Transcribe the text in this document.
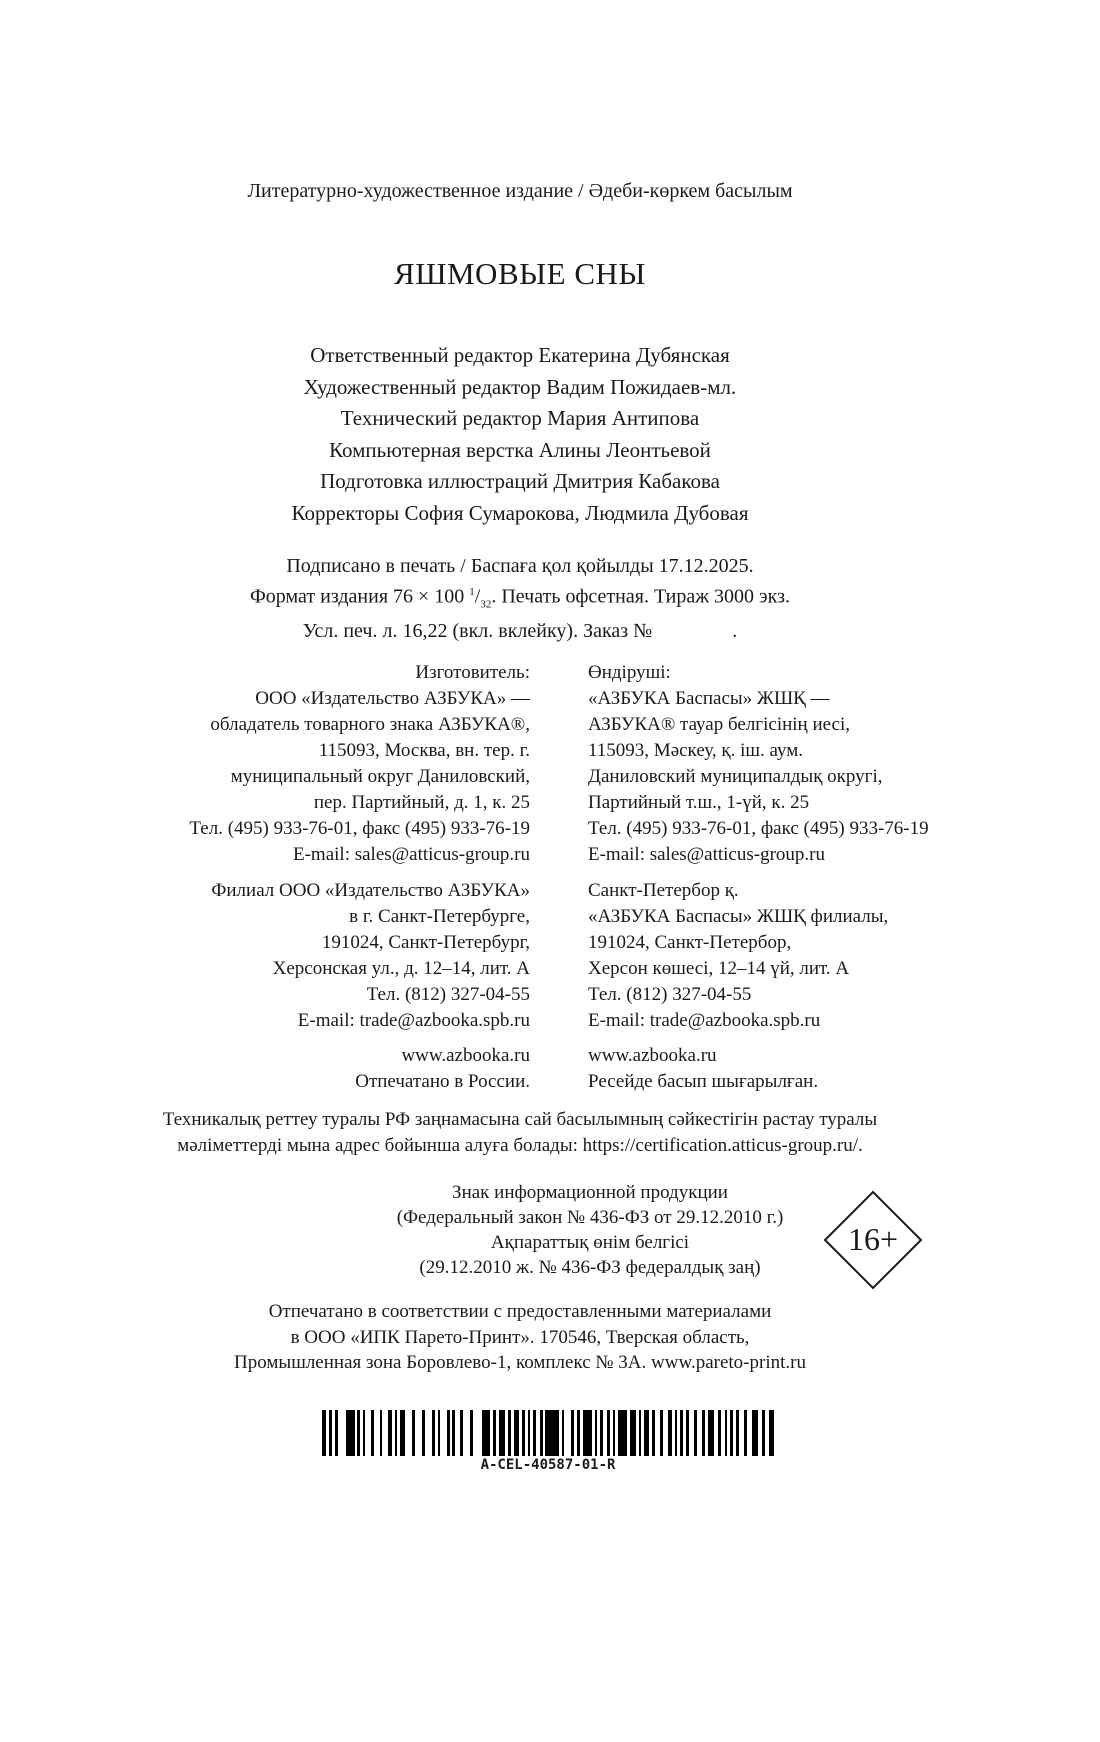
Литературно-художественное издание / Әдеби-көркем басылым
ЯШМОВЫЕ СНЫ
Ответственный редактор Екатерина Дубянская
Художественный редактор Вадим Пожидаев-мл.
Технический редактор Мария Антипова
Компьютерная верстка Алины Леонтьевой
Подготовка иллюстраций Дмитрия Кабакова
Корректоры София Сумарокова, Людмила Дубовая
Подписано в печать / Баспаға қол қойылды 17.12.2025.
Формат издания 76 × 100 $^1/_{32}$. Печать офсетная. Тираж 3000 экз.
Усл. печ. л. 16,22 (вкл. вклейку). Заказ №	.
Изготовитель:
ООО «Издательство АЗБУКА» —
обладатель товарного знака АЗБУКА®,
115093, Москва, вн. тер. г.
муниципальный округ Даниловский,
пер. Партийный, д. 1, к. 25
Тел. (495) 933-76-01, факс (495) 933-76-19
E-mail: sales@atticus-group.ru
Өндіруші:
«АЗБУКА Баспасы» ЖШҚ —
АЗБУКА® тауар белгісінің иесі,
115093, Мәскеу, қ. іш. аум.
Даниловский муниципалдық округі,
Партийный т.ш., 1-үй, к. 25
Тел. (495) 933-76-01, факс (495) 933-76-19
E-mail: sales@atticus-group.ru
Филиал ООО «Издательство АЗБУКА»
в г. Санкт-Петербурге,
191024, Санкт-Петербург,
Херсонская ул., д. 12–14, лит. А
Тел. (812) 327-04-55
E-mail: trade@azbooka.spb.ru
Санкт-Петербор қ.
«АЗБУКА Баспасы» ЖШҚ филиалы,
191024, Санкт-Петербор,
Херсон көшесі, 12–14 үй, лит. А
Тел. (812) 327-04-55
E-mail: trade@azbooka.spb.ru
www.azbooka.ru
Отпечатано в России.
www.azbooka.ru
Ресейде басып шығарылған.
Техникалық реттеу туралы РФ заңнамасына сай басылымның сәйкестігін растау туралы
мәліметтерді мына адрес бойынша алуға болады: https://certification.atticus-group.ru/.
Знак информационной продукции
(Федеральный закон № 436-ФЗ от 29.12.2010 г.)
Ақпараттық өнім белгісі
(29.12.2010 ж. № 436-ФЗ федералдық заң)
16+
Отпечатано в соответствии с предоставленными материалами
в ООО «ИПК Парето-Принт». 170546, Тверская область,
Промышленная зона Боровлево-1, комплекс № 3А. www.pareto-print.ru
A-CEL-40587-01-R
